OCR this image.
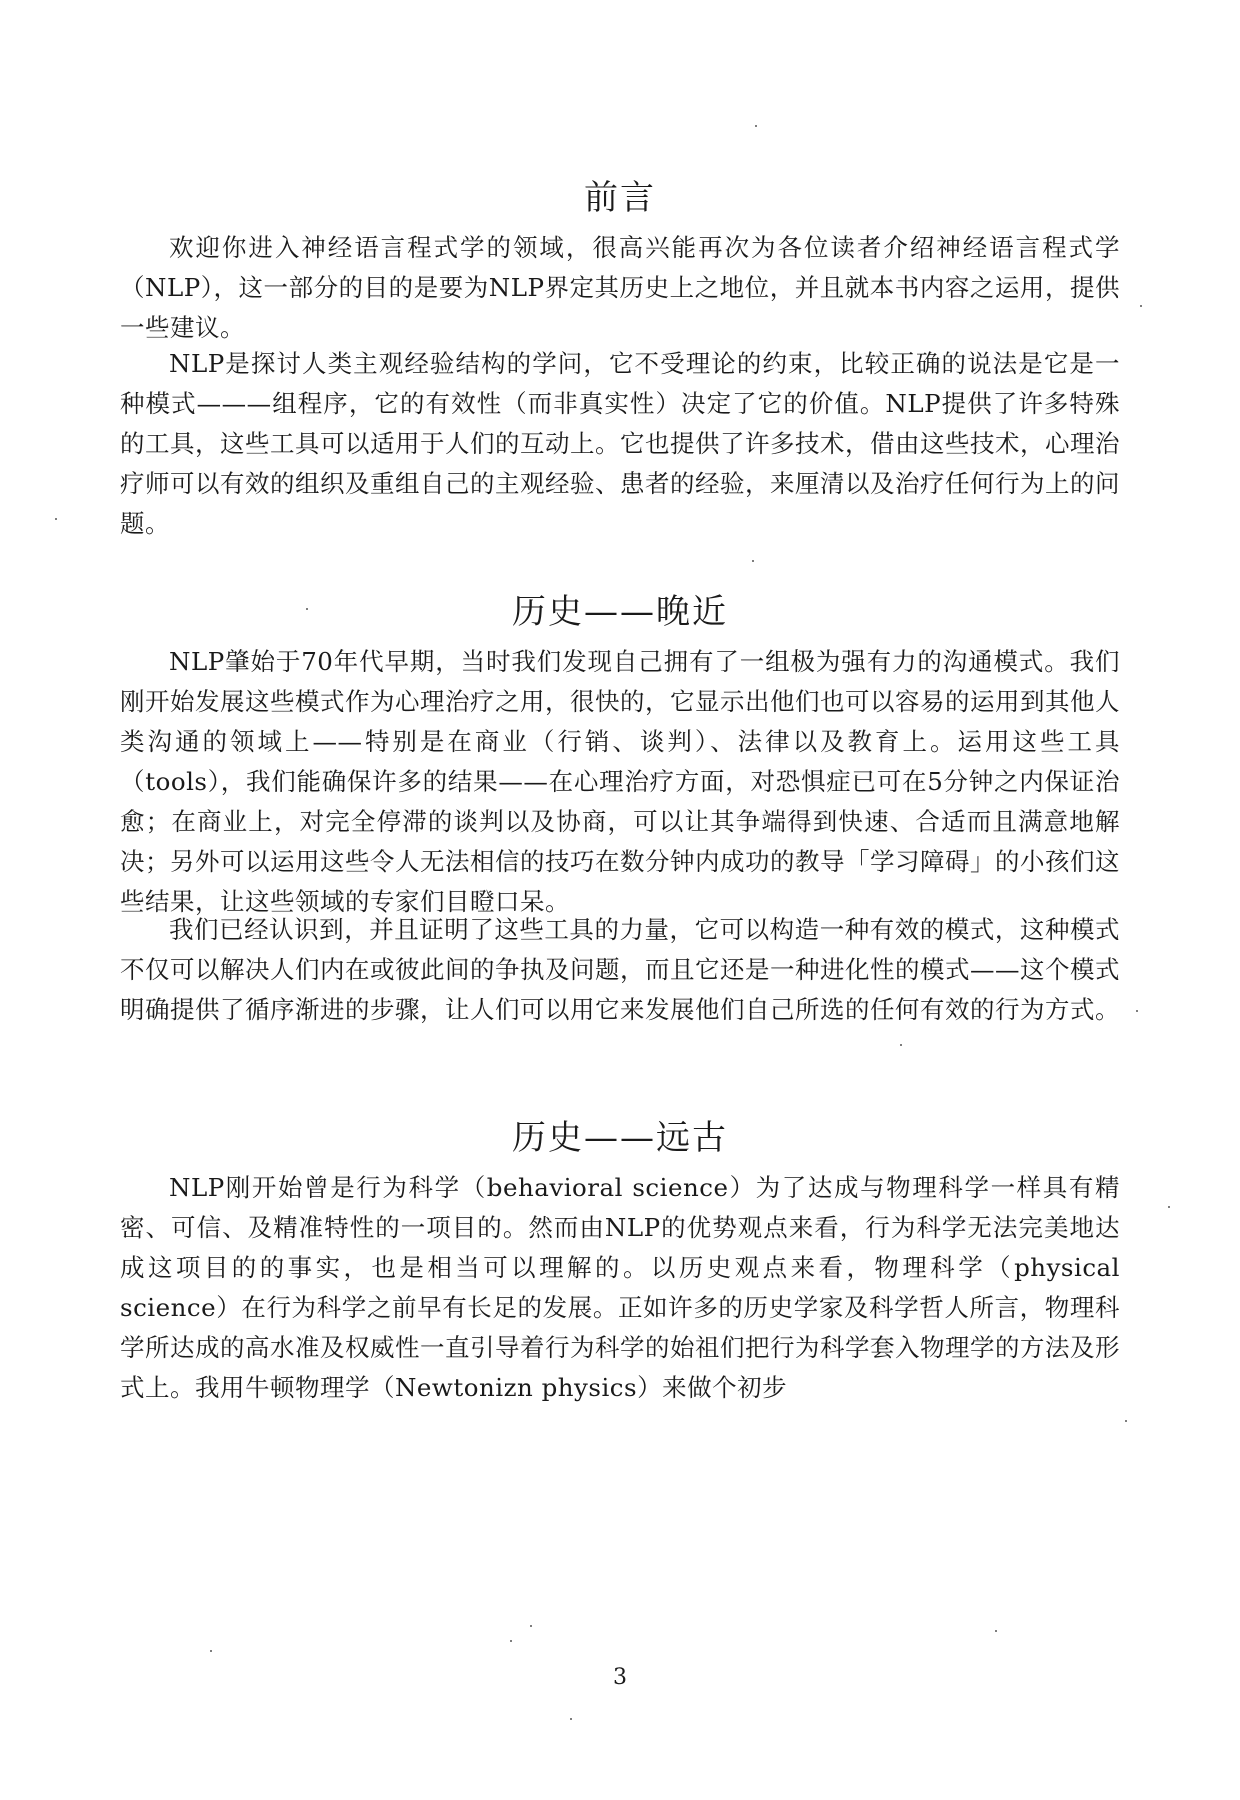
前言

欢迎你进入神经语言程式学的领域，很高兴能再次为各位读者介绍神经语言程式学（NLP），这一部分的目的是要为NLP界定其历史上之地位，并且就本书内容之运用，提供一些建议。

NLP是探讨人类主观经验结构的学问，它不受理论的约束，比较正确的说法是它是一种模式———组程序，它的有效性（而非真实性）决定了它的价值。NLP提供了许多特殊的工具，这些工具可以适用于人们的互动上。它也提供了许多技术，借由这些技术，心理治疗师可以有效的组织及重组自己的主观经验、患者的经验，来厘清以及治疗任何行为上的问题。

历史——晚近

NLP肇始于70年代早期，当时我们发现自己拥有了一组极为强有力的沟通模式。我们刚开始发展这些模式作为心理治疗之用，很快的，它显示出他们也可以容易的运用到其他人类沟通的领域上——特别是在商业（行销、谈判）、法律以及教育上。运用这些工具（tools），我们能确保许多的结果——在心理治疗方面，对恐惧症已可在5分钟之内保证治愈；在商业上，对完全停滞的谈判以及协商，可以让其争端得到快速、合适而且满意地解决；另外可以运用这些令人无法相信的技巧在数分钟内成功的教导「学习障碍」的小孩们这些结果，让这些领域的专家们目瞪口呆。

我们已经认识到，并且证明了这些工具的力量，它可以构造一种有效的模式，这种模式不仅可以解决人们内在或彼此间的争执及问题，而且它还是一种进化性的模式——这个模式明确提供了循序渐进的步骤，让人们可以用它来发展他们自己所选的任何有效的行为方式。

历史——远古

NLP刚开始曾是行为科学（behavioral science）为了达成与物理科学一样具有精密、可信、及精准特性的一项目的。然而由NLP的优势观点来看，行为科学无法完美地达成这项目的的事实，也是相当可以理解的。以历史观点来看，物理科学（physical science）在行为科学之前早有长足的发展。正如许多的历史学家及科学哲人所言，物理科学所达成的高水准及权威性一直引导着行为科学的始祖们把行为科学套入物理学的方法及形式上。我用牛顿物理学（Newtonizn physics）来做个初步

3
